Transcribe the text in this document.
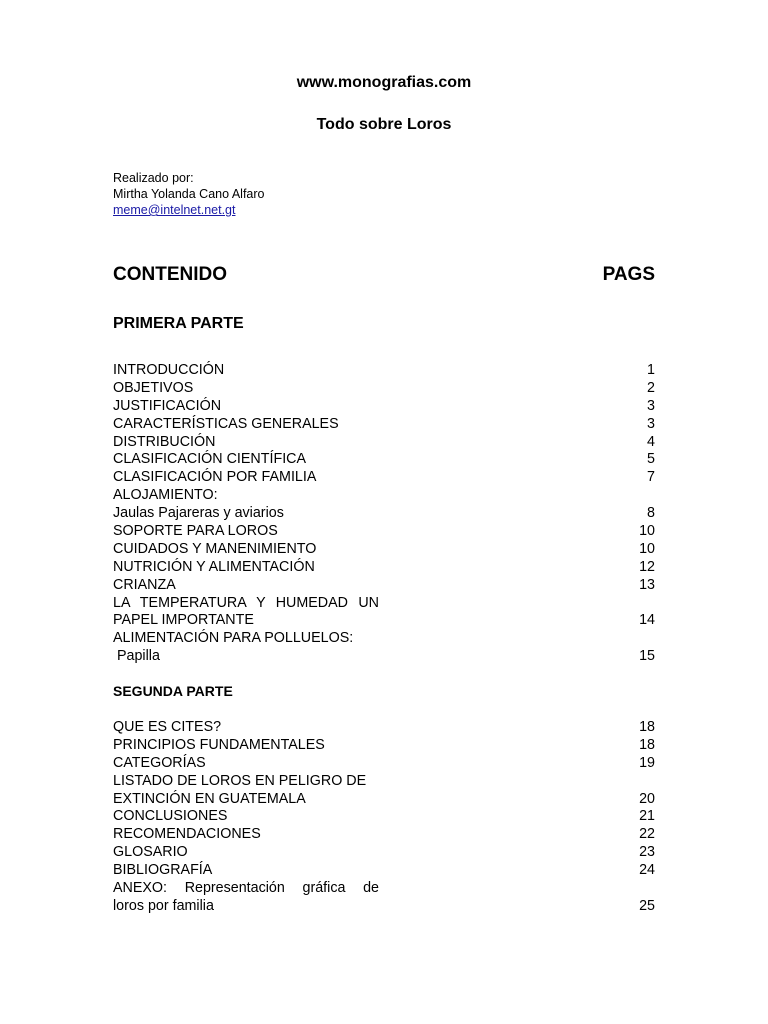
www.monografias.com
Todo sobre Loros
Realizado por:
Mirtha Yolanda Cano Alfaro
meme@intelnet.net.gt
CONTENIDO	PAGS
PRIMERA PARTE
INTRODUCCIÓN	1
OBJETIVOS	2
JUSTIFICACIÓN	3
CARACTERÍSTICAS GENERALES	3
DISTRIBUCIÓN	4
CLASIFICACIÓN CIENTÍFICA	5
CLASIFICACIÓN POR FAMILIA	7
ALOJAMIENTO:
Jaulas Pajareras y aviarios	8
SOPORTE PARA LOROS	10
CUIDADOS Y MANENIMIENTO	10
NUTRICIÓN Y ALIMENTACIÓN	12
CRIANZA	13
LA TEMPERATURA Y HUMEDAD UN
PAPEL IMPORTANTE	14
ALIMENTACIÓN PARA POLLUELOS:
Papilla	15
SEGUNDA PARTE
QUE ES CITES?	18
PRINCIPIOS FUNDAMENTALES	18
CATEGORÍAS	19
LISTADO DE LOROS EN PELIGRO DE
EXTINCIÓN EN GUATEMALA	20
CONCLUSIONES	21
RECOMENDACIONES	22
GLOSARIO	23
BIBLIOGRAFÍA	24
ANEXO: Representación gráfica de
loros por familia	25
